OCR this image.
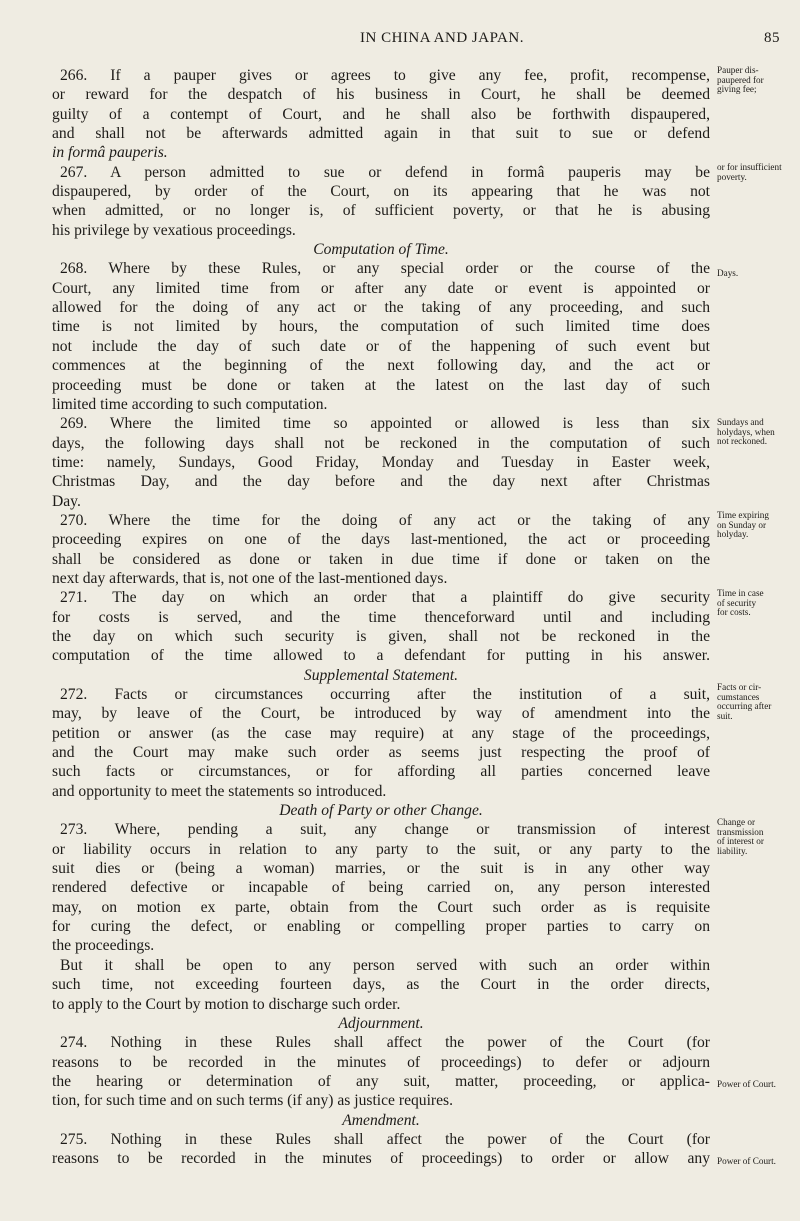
IN CHINA AND JAPAN.	85
266. If a pauper gives or agrees to give any fee, profit, recompense,
or reward for the despatch of his business in Court, he shall be deemed
guilty of a contempt of Court, and he shall also be forthwith dispaupered,
and shall not be afterwards admitted again in that suit to sue or defend
in formâ pauperis.
267. A person admitted to sue or defend in formâ pauperis may be
dispaupered, by order of the Court, on its appearing that he was not
when admitted, or no longer is, of sufficient poverty, or that he is abusing
his privilege by vexatious proceedings.
Computation of Time.
268. Where by these Rules, or any special order or the course of the
Court, any limited time from or after any date or event is appointed or
allowed for the doing of any act or the taking of any proceeding, and such
time is not limited by hours, the computation of such limited time does
not include the day of such date or of the happening of such event but
commences at the beginning of the next following day, and the act or
proceeding must be done or taken at the latest on the last day of such
limited time according to such computation.
269. Where the limited time so appointed or allowed is less than six
days, the following days shall not be reckoned in the computation of such
time: namely, Sundays, Good Friday, Monday and Tuesday in Easter week,
Christmas Day, and the day before and the day next after Christmas
Day.
270. Where the time for the doing of any act or the taking of any
proceeding expires on one of the days last-mentioned, the act or proceeding
shall be considered as done or taken in due time if done or taken on the
next day afterwards, that is, not one of the last-mentioned days.
271. The day on which an order that a plaintiff do give security
for costs is served, and the time thenceforward until and including
the day on which such security is given, shall not be reckoned in the
computation of the time allowed to a defendant for putting in his answer.
Supplemental Statement.
272. Facts or circumstances occurring after the institution of a suit,
may, by leave of the Court, be introduced by way of amendment into the
petition or answer (as the case may require) at any stage of the proceedings,
and the Court may make such order as seems just respecting the proof of
such facts or circumstances, or for affording all parties concerned leave
and opportunity to meet the statements so introduced.
Death of Party or other Change.
273. Where, pending a suit, any change or transmission of interest
or liability occurs in relation to any party to the suit, or any party to the
suit dies or (being a woman) marries, or the suit is in any other way
rendered defective or incapable of being carried on, any person interested
may, on motion ex parte, obtain from the Court such order as is requisite
for curing the defect, or enabling or compelling proper parties to carry on
the proceedings.
But it shall be open to any person served with such an order within
such time, not exceeding fourteen days, as the Court in the order directs,
to apply to the Court by motion to discharge such order.
Adjournment.
274. Nothing in these Rules shall affect the power of the Court (for
reasons to be recorded in the minutes of proceedings) to defer or adjourn
the hearing or determination of any suit, matter, proceeding, or applica-
tion, for such time and on such terms (if any) as justice requires.
Amendment.
275. Nothing in these Rules shall affect the power of the Court (for
reasons to be recorded in the minutes of proceedings) to order or allow any
Pauper dis-
paupered for
giving fee;
or for insufficient
poverty.
Days.
Sundays and
holydays, when
not reckoned.
Time expiring
on Sunday or
holyday.
Time in case
of security
for costs.
Facts or cir-
cumstances
occurring after
suit.
Change or
transmission
of interest or
liability.
Power of Court.
Power of Court.
